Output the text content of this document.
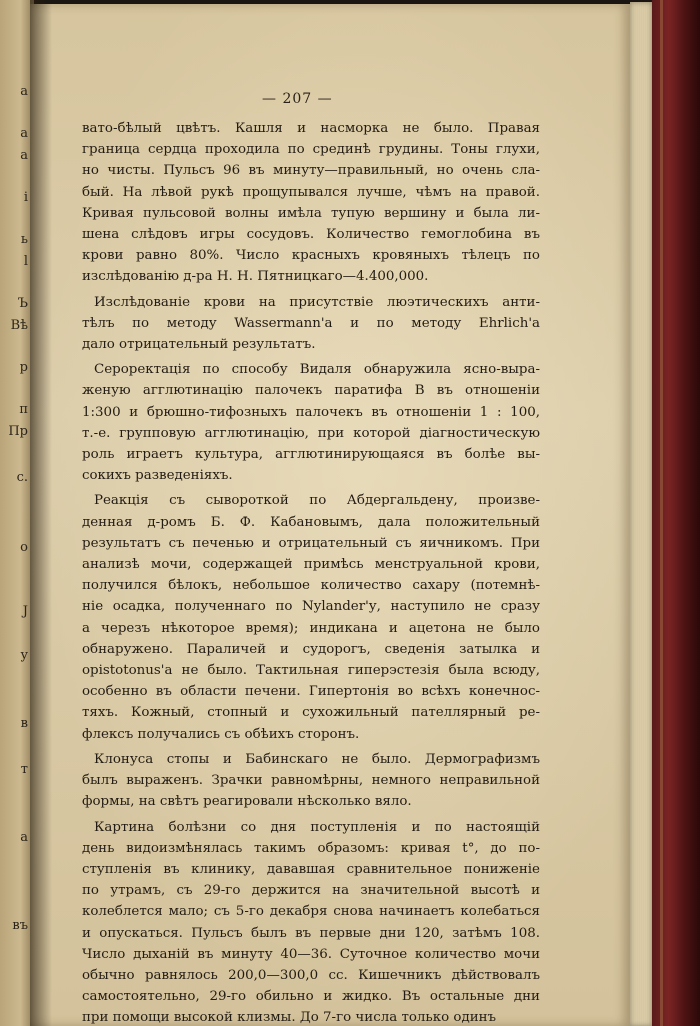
a
a
a
i
ь
l
Ъ
Вѣ
р
п
Пр
с.
o
J
y
в
т
a
въ
— 207 —
вато-бѣлый цвѣтъ. Кашля и насморка не было. Правая
граница сердца проходила по срединѣ грудины. Тоны глухи,
но чисты. Пульсъ 96 въ минуту—правильный, но очень сла-
бый. На лѣвой рукѣ прощупывался лучше, чѣмъ на правой.
Кривая пульсовой волны имѣла тупую вершину и была ли-
шена слѣдовъ игры сосудовъ. Количество гемоглобина въ
крови равно 80%. Число красныхъ кровяныхъ тѣлецъ по
изслѣдованію д-ра Н. Н. Пятницкаго—4.400,000.
Изслѣдованіе крови на присутствіе люэтическихъ анти-
тѣлъ по методу Wassermann'a и по методу Ehrlich'a
дало отрицательный результатъ.
Сероректація по способу Видаля обнаружила ясно-выра-
женую агглютинацію палочекъ паратифа В въ отношеніи
1:300 и брюшно-тифозныхъ палочекъ въ отношеніи 1 : 100,
т.-е. групповую агглютинацію, при которой діагностическую
роль играетъ культура, агглютинирующаяся въ болѣе вы-
сокихъ разведеніяхъ.
Реакція съ сывороткой по Абдергальдену, произве-
денная д-ромъ Б. Ф. Кабановымъ, дала положительный
результатъ съ печенью и отрицательный съ яичникомъ. При
анализѣ мочи, содержащей примѣсь менструальной крови,
получился бѣлокъ, небольшое количество сахару (потемнѣ-
ніе осадка, полученнаго по Nylander'у, наступило не сразу
а черезъ нѣкоторое время); индикана и ацетона не было
обнаружено. Параличей и судорогъ, сведенія затылка и
opistotonus'a не было. Тактильная гиперэстезія была всюду,
особенно въ области печени. Гипертонія во всѣхъ конечнос-
тяхъ. Кожный, стопный и сухожильный пателлярный ре-
флексъ получались съ обѣихъ сторонъ.
Клонуса стопы и Бабинскаго не было. Дермографизмъ
былъ выраженъ. Зрачки равномѣрны, немного неправильной
формы, на свѣтъ реагировали нѣсколько вяло.
Картина болѣзни со дня поступленія и по настоящій
день видоизмѣнялась такимъ образомъ: кривая t°, до по-
ступленія въ клинику, дававшая сравнительное пониженіе
по утрамъ, съ 29-го держится на значительной высотѣ и
колеблется мало; съ 5-го декабря снова начинаетъ колебаться
и опускаться. Пульсъ былъ въ первые дни 120, затѣмъ 108.
Число дыханій въ минуту 40—36. Суточное количество мочи
обычно равнялось 200,0—300,0 сс. Кишечникъ дѣйствовалъ
самостоятельно, 29-го обильно и жидко. Въ остальные дни
при помощи высокой клизмы. До 7-го числа только одинъ
